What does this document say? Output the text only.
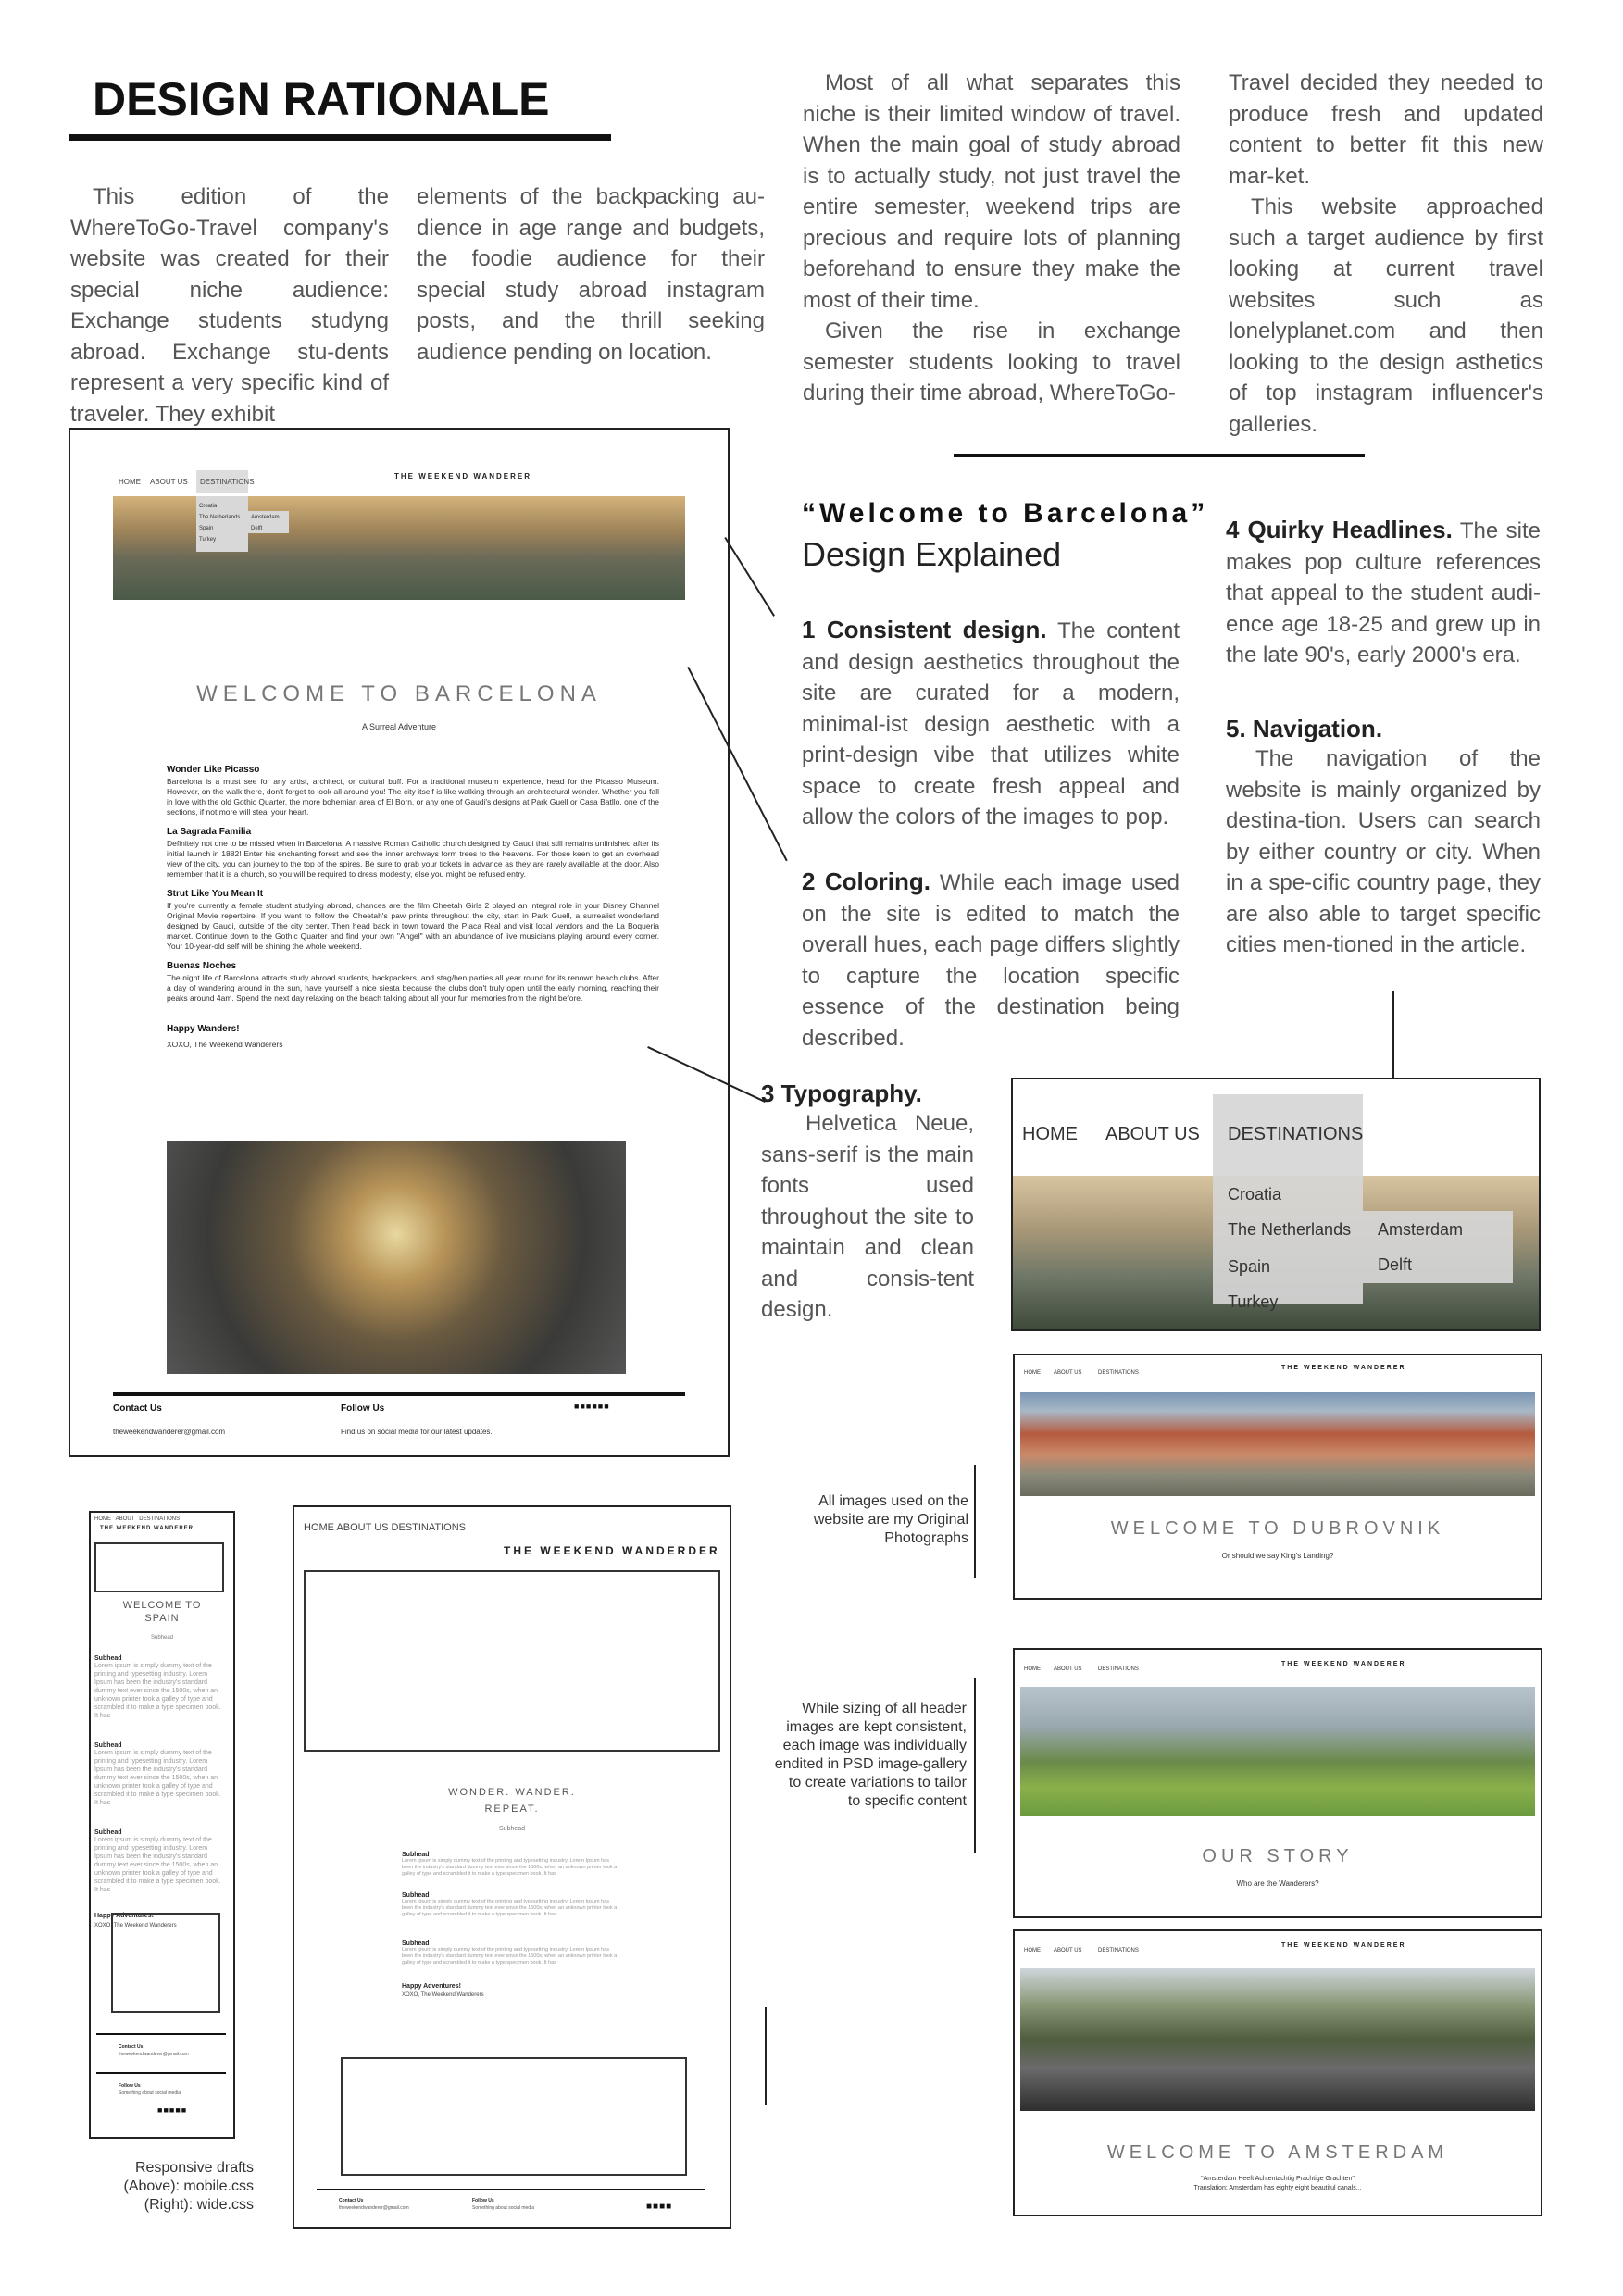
DESIGN RATIONALE

This edition of the WhereToGo-Travel company's website was created for their special niche audience: Exchange students studyng abroad. Exchange stu-dents represent a very specific kind of traveler. They exhibit

elements of the backpacking au-dience in age range and budgets, the foodie audience for their special study abroad instagram posts, and the thrill seeking audience pending on location.

Most of all what separates this niche is their limited window of travel. When the main goal of study abroad is to actually study, not just travel the entire semester, weekend trips are precious and require lots of planning beforehand to ensure they make the most of their time.

Given the rise in exchange semester students looking to travel during their time abroad, WhereToGo-

Travel decided they needed to produce fresh and updated content to better fit this new mar-ket.

This website approached such a target audience by first looking at current travel websites such as lonelyplanet.com and then looking to the design asthetics of top instagram influencer's galleries.

HOME ABOUT US	DESTINATIONS
THE WEEKEND WANDERER
Croatia
The Netherlands
Spain
Turkey
Amsterdam
Delft
WELCOME TO BARCELONA
A Surreal Adventure
Wonder Like Picasso

Barcelona is a must see for any artist, architect, or cultural buff. For a traditional museum experience, head for the Picasso Museum. However, on the walk there, don't forget to look all around you! The city itself is like walking through an architectural wonder. Whether you fall in love with the old Gothic Quarter, the more bohemian area of El Born, or any one of Gaudi's designs at Park Guell or Casa Batllo, one of the sections, if not more will steal your heart.

La Sagrada Familia

Definitely not one to be missed when in Barcelona. A massive Roman Catholic church designed by Gaudi that still remains unfinished after its initial launch in 1882! Enter his enchanting forest and see the inner archways form trees to the heavens. For those keen to get an overhead view of the city, you can journey to the top of the spires. Be sure to grab your tickets in advance as they are rarely available at the door. Also remember that it is a church, so you will be required to dress modestly, else you might be refused entry.

Strut Like You Mean It

If you're currently a female student studying abroad, chances are the film Cheetah Girls 2 played an integral role in your Disney Channel Original Movie repertoire. If you want to follow the Cheetah's paw prints throughout the city, start in Park Guell, a surrealist wonderland designed by Gaudi, outside of the city center. Then head back in town toward the Placa Real and visit local vendors and the La Boqueria market. Continue down to the Gothic Quarter and find your own "Angel" with an abundance of live musicians playing around every corner. Your 10-year-old self will be shining the whole weekend.

Buenas Noches

The night life of Barcelona attracts study abroad students, backpackers, and stag/hen parties all year round for its renown beach clubs. After a day of wandering around in the sun, have yourself a nice siesta because the clubs don't truly open until the early morning, reaching their peaks around 4am. Spend the next day relaxing on the beach talking about all your fun memories from the night before.

Happy Wanders!

XOXO, The Weekend Wanderers

Contact Us
theweekendwanderer@gmail.com
Follow Us
Find us on social media for our latest updates.
■■■■■■
“Welcome to Barcelona”
Design Explained
1 Consistent design. The content and design aesthetics throughout the site are curated for a modern, minimal-ist design aesthetic with a print-design vibe that utilizes white space to create fresh appeal and allow the colors of the images to pop.
2 Coloring. While each image used on the site is edited to match the overall hues, each page differs slightly to capture the location specific essence of the destination being described.
3 Typography.
Helvetica Neue, sans-serif is the main fonts used throughout the site to maintain and clean and consis-tent design.
4 Quirky Headlines. The site makes pop culture references that appeal to the student audi-ence age 18-25 and grew up in the late 90's, early 2000's era.
5. Navigation.
The navigation of the website is mainly organized by destina-tion. Users can search by either country or city. When in a spe-cific country page, they are also able to target specific cities men-tioned in the article.
HOME ABOUT US DESTINATIONS
Croatia
The Netherlands
Spain
Turkey
Amsterdam
Delft
HOME   ABOUT   DESTINATIONS
THE WEEKEND WANDERER
WELCOME TO
SPAIN
Subhead
Subhead
Lorem ipsum is simply dummy text of the printing and typesetting industry. Lorem Ipsum has been the industry's standard dummy text ever since the 1500s, when an unknown printer took a galley of type and scrambled it to make a type specimen book. It has
Subhead
Lorem ipsum is simply dummy text of the printing and typesetting industry. Lorem Ipsum has been the industry's standard dummy text ever since the 1500s, when an unknown printer took a galley of type and scrambled it to make a type specimen book. It has
Subhead
Lorem ipsum is simply dummy text of the printing and typesetting industry. Lorem Ipsum has been the industry's standard dummy text ever since the 1500s, when an unknown printer took a galley of type and scrambled it to make a type specimen book. It has
Happy Adventures!
XOXO, The Weekend Wanderers
Contact Us
theweekendwanderer@gmail.com
Follow Us
Something about social media
■■■■■
HOME ABOUT US DESTINATIONS
THE WEEKEND WANDERDER
WONDER. WANDER.
REPEAT.
Subhead
Subhead
Lorem ipsum is simply dummy text of the printing and typesetting industry. Lorem Ipsum has been the industry's standard dummy text ever since the 1500s, when an unknown printer took a galley of type and scrambled it to make a type specimen book. It has
Subhead
Lorem ipsum is simply dummy text of the printing and typesetting industry. Lorem Ipsum has been the industry's standard dummy text ever since the 1500s, when an unknown printer took a galley of type and scrambled it to make a type specimen book. It has
Subhead
Lorem ipsum is simply dummy text of the printing and typesetting industry. Lorem Ipsum has been the industry's standard dummy text ever since the 1500s, when an unknown printer took a galley of type and scrambled it to make a type specimen book. It has
Happy Adventures!
XOXO, The Weekend Wanderers
Contact Us
theweekendwanderer@gmail.com
Follow Us
Something about social media	■■■■
Responsive drafts
(Above): mobile.css
(Right): wide.css
All images used on the website are my Original Photographs
While sizing of all header images are kept consistent, each image was individually endited in PSD image-gallery to create variations to tailor to specific content
HOME ABOUT US	DESTINATIONS
THE WEEKEND WANDERER
WELCOME TO DUBROVNIK
Or should we say King's Landing?
HOME ABOUT US	DESTINATIONS
THE WEEKEND WANDERER
OUR STORY
Who are the Wanderers?
HOME ABOUT US	DESTINATIONS
THE WEEKEND WANDERER
WELCOME TO AMSTERDAM
"Amsterdam Heeft Achtentachtig Prachtige Grachten"
Translation: Amsterdam has eighty eight beautiful canals...
